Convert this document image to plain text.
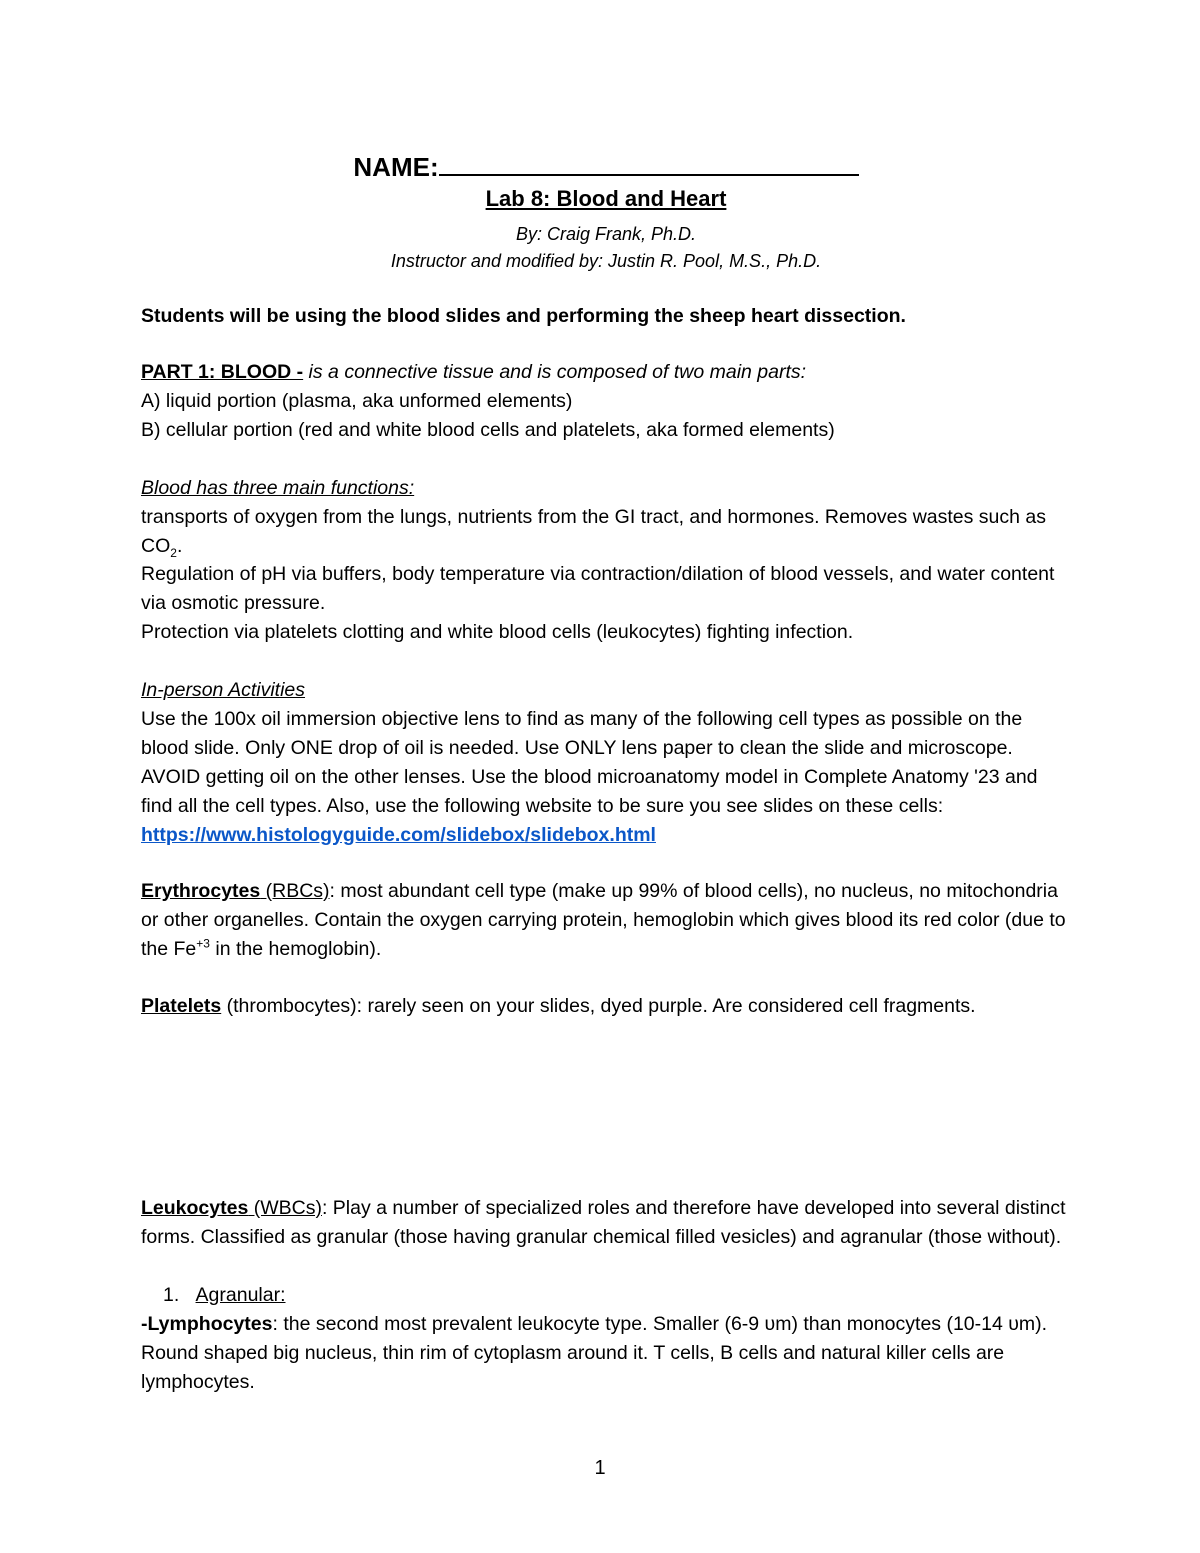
NAME:
Lab 8: Blood and Heart
By: Craig Frank, Ph.D.
Instructor and modified by: Justin R. Pool, M.S., Ph.D.
Students will be using the blood slides and performing the sheep heart dissection.
PART 1: BLOOD - is a connective tissue and is composed of two main parts:
A) liquid portion (plasma, aka unformed elements)
B) cellular portion (red and white blood cells and platelets, aka formed elements)
Blood has three main functions:
transports of oxygen from the lungs, nutrients from the GI tract, and hormones. Removes wastes such as $CO_2$.
Regulation of pH via buffers, body temperature via contraction/dilation of blood vessels, and water content via osmotic pressure.
Protection via platelets clotting and white blood cells (leukocytes) fighting infection.
In-person Activities
Use the 100x oil immersion objective lens to find as many of the following cell types as possible on the blood slide. Only ONE drop of oil is needed. Use ONLY lens paper to clean the slide and microscope. AVOID getting oil on the other lenses. Use the blood microanatomy model in Complete Anatomy '23 and find all the cell types. Also, use the following website to be sure you see slides on these cells: https://www.histologyguide.com/slidebox/slidebox.html
Erythrocytes (RBCs): most abundant cell type (make up 99% of blood cells), no nucleus, no mitochondria or other organelles. Contain the oxygen carrying protein, hemoglobin which gives blood its red color (due to the $Fe^{+3}$ in the hemoglobin).
Platelets (thrombocytes): rarely seen on your slides, dyed purple. Are considered cell fragments.
Leukocytes (WBCs): Play a number of specialized roles and therefore have developed into several distinct forms. Classified as granular (those having granular chemical filled vesicles) and agranular (those without).
1. Agranular:
-Lymphocytes: the second most prevalent leukocyte type. Smaller (6-9 υm) than monocytes (10-14 υm). Round shaped big nucleus, thin rim of cytoplasm around it. T cells, B cells and natural killer cells are lymphocytes.
1
